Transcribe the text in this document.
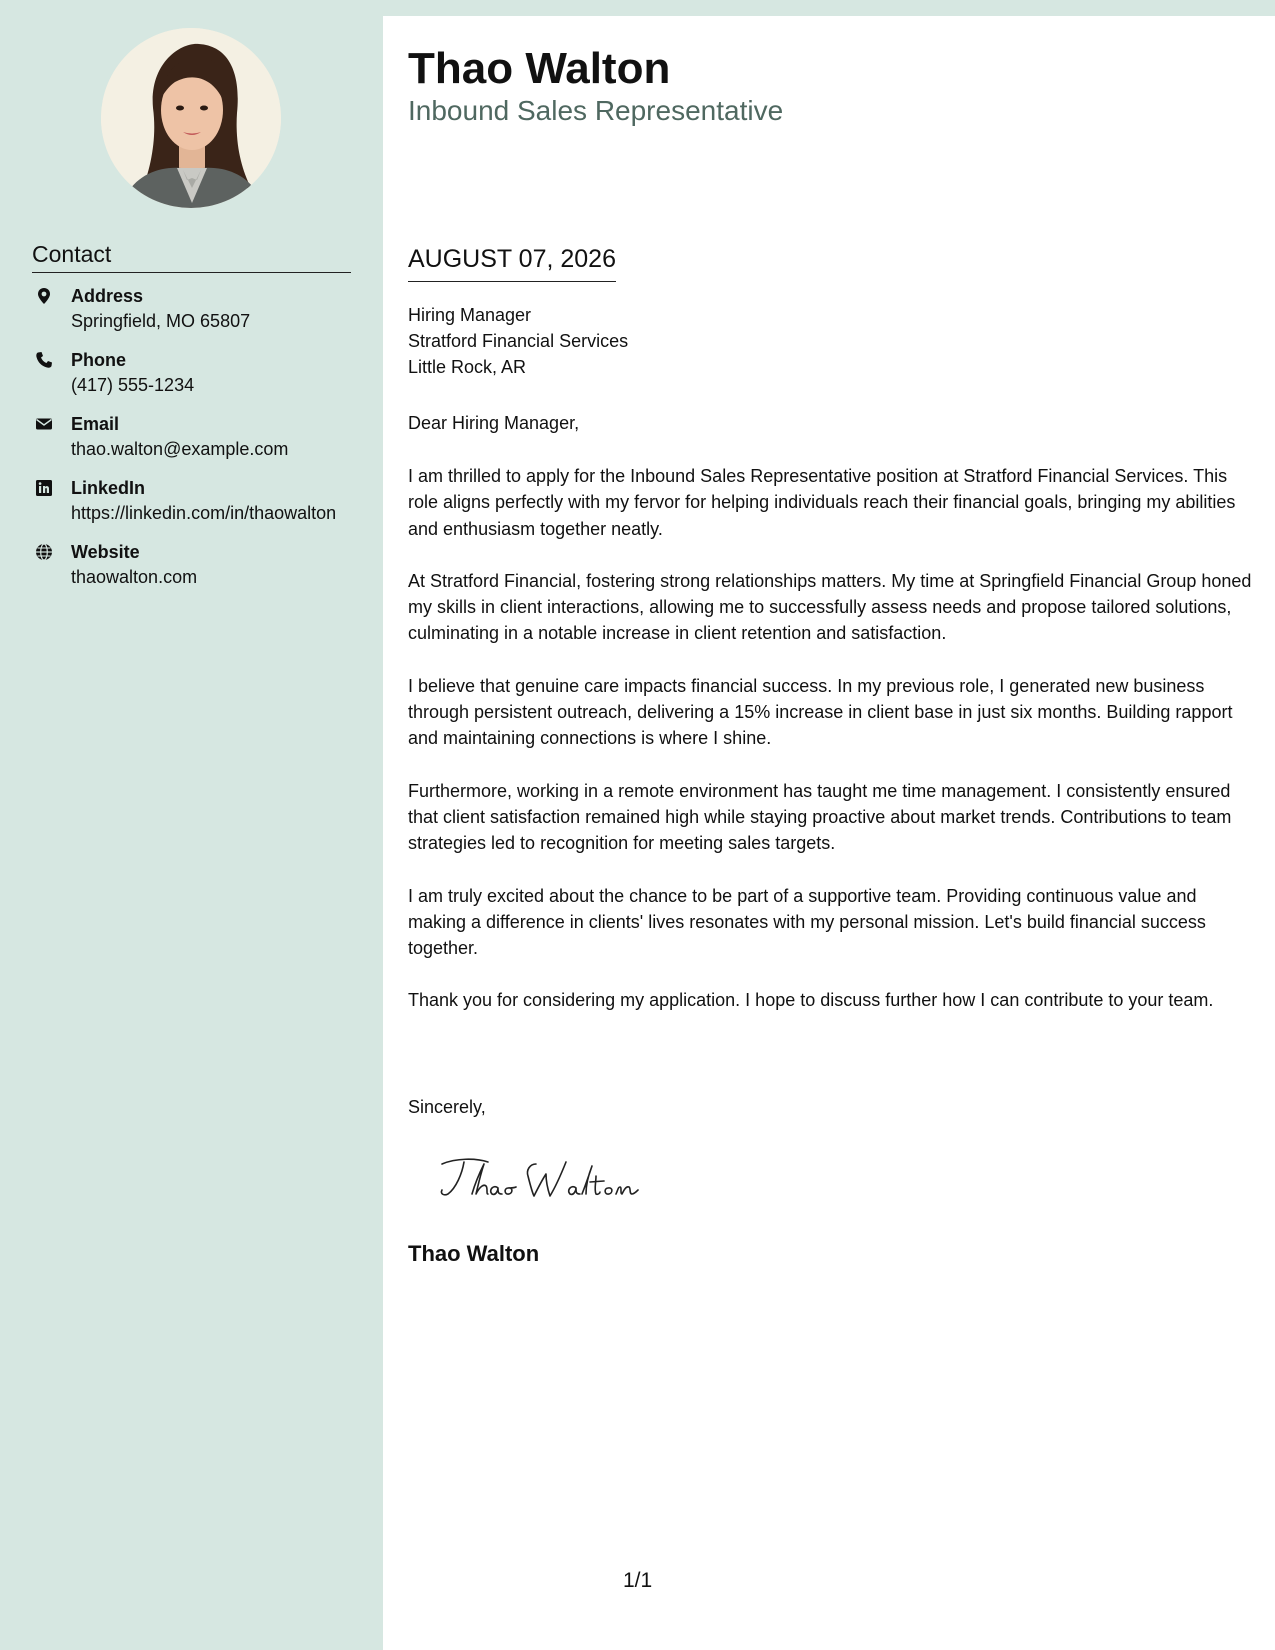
Contact
Address
Springfield, MO 65807
Phone
(417) 555-1234
Email
thao.walton@example.com
LinkedIn
https://linkedin.com/in/thaowalton
Website
thaowalton.com
Thao Walton
Inbound Sales Representative
AUGUST 07, 2026
Hiring Manager
Stratford Financial Services
Little Rock, AR
Dear Hiring Manager,

I am thrilled to apply for the Inbound Sales Representative position at Stratford Financial Services. This role aligns perfectly with my fervor for helping individuals reach their financial goals, bringing my abilities and enthusiasm together neatly.

At Stratford Financial, fostering strong relationships matters. My time at Springfield Financial Group honed my skills in client interactions, allowing me to successfully assess needs and propose tailored solutions, culminating in a notable increase in client retention and satisfaction.

I believe that genuine care impacts financial success. In my previous role, I generated new business through persistent outreach, delivering a 15% increase in client base in just six months. Building rapport and maintaining connections is where I shine.

Furthermore, working in a remote environment has taught me time management. I consistently ensured that client satisfaction remained high while staying proactive about market trends. Contributions to team strategies led to recognition for meeting sales targets.

I am truly excited about the chance to be part of a supportive team. Providing continuous value and making a difference in clients' lives resonates with my personal mission. Let's build financial success together.

Thank you for considering my application. I hope to discuss further how I can contribute to your team.

Sincerely,
Thao Walton
1/1
